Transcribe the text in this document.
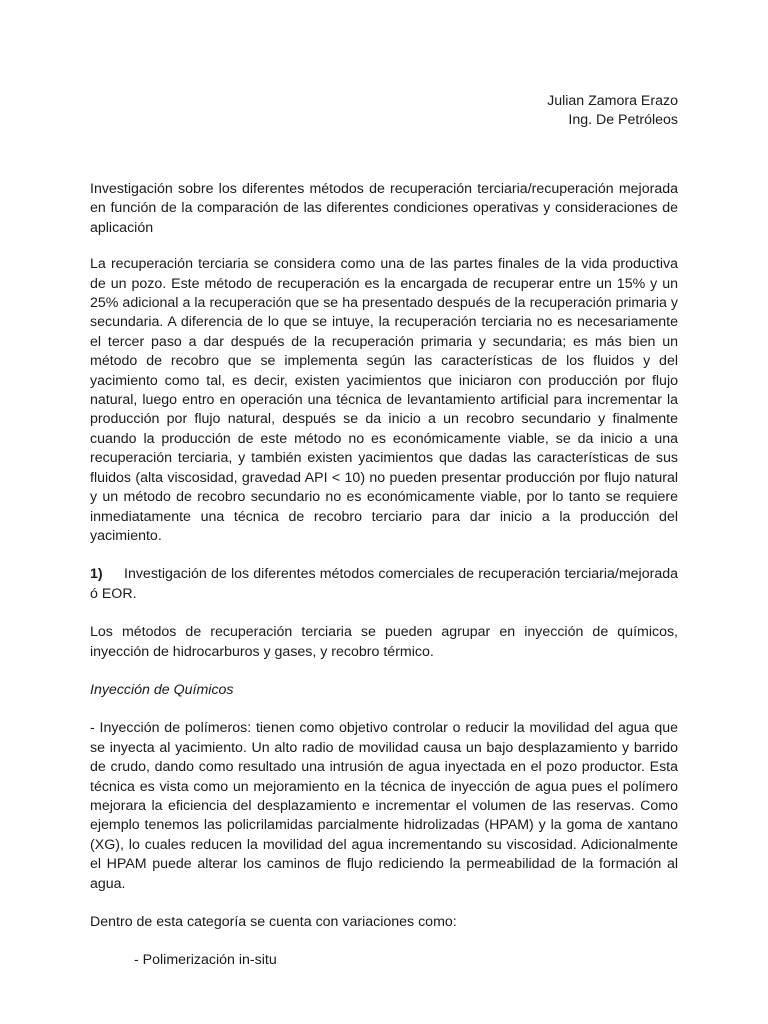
Julian Zamora Erazo
Ing. De Petróleos

Investigación sobre los diferentes métodos de recuperación terciaria/recuperación mejorada en función de la comparación de las diferentes condiciones operativas y consideraciones de aplicación

La recuperación terciaria se considera como una de las partes finales de la vida productiva de un pozo. Este método de recuperación es la encargada de recuperar entre un 15% y un 25% adicional a la recuperación que se ha presentado después de la recuperación primaria y secundaria. A diferencia de lo que se intuye, la recuperación terciaria no es necesariamente el tercer paso a dar después de la recuperación primaria y secundaria; es más bien un método de recobro que se implementa según las características de los fluidos y del yacimiento como tal, es decir, existen yacimientos que iniciaron con producción por flujo natural, luego entro en operación una técnica de levantamiento artificial para incrementar la producción por flujo natural, después se da inicio a un recobro secundario y finalmente cuando la producción de este método no es económicamente viable, se da inicio a una recuperación terciaria, y también existen yacimientos que dadas las características de sus fluidos (alta viscosidad, gravedad API < 10) no pueden presentar producción por flujo natural y un método de recobro secundario no es económicamente viable, por lo tanto se requiere inmediatamente una técnica de recobro terciario para dar inicio a la producción del yacimiento.

1) Investigación de los diferentes métodos comerciales de recuperación terciaria/mejorada ó EOR.

Los métodos de recuperación terciaria se pueden agrupar en inyección de químicos, inyección de hidrocarburos y gases, y recobro térmico.

Inyección de Químicos

- Inyección de polímeros: tienen como objetivo controlar o reducir la movilidad del agua que se inyecta al yacimiento. Un alto radio de movilidad causa un bajo desplazamiento y barrido de crudo, dando como resultado una intrusión de agua inyectada en el pozo productor. Esta técnica es vista como un mejoramiento en la técnica de inyección de agua pues el polímero mejorara la eficiencia del desplazamiento e incrementar el volumen de las reservas. Como ejemplo tenemos las policrilamidas parcialmente hidrolizadas (HPAM) y la goma de xantano (XG), lo cuales reducen la movilidad del agua incrementando su viscosidad. Adicionalmente el HPAM puede alterar los caminos de flujo rediciendo la permeabilidad de la formación al agua.

Dentro de esta categoría se cuenta con variaciones como:

- Polimerización in-situ
